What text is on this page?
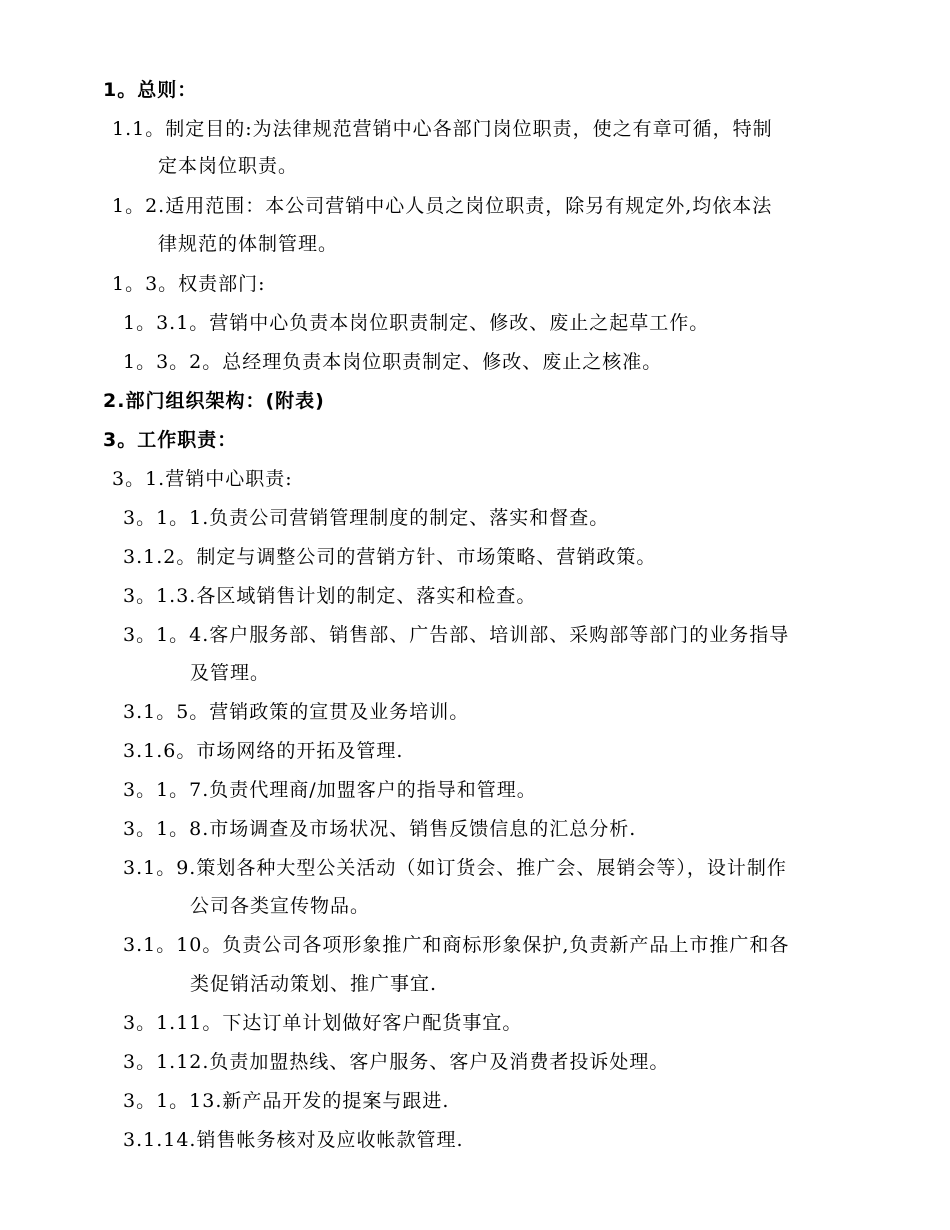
1。总则：
1.1。制定目的:为法律规范营销中心各部门岗位职责，使之有章可循，特制
定本岗位职责。
1。2.适用范围：本公司营销中心人员之岗位职责，除另有规定外,均依本法
律规范的体制管理。
1。3。权责部门:
1。3.1。营销中心负责本岗位职责制定、修改、废止之起草工作。
1。3。2。总经理负责本岗位职责制定、修改、废止之核准。
2.部门组织架构：(附表)
3。工作职责：
3。1.营销中心职责:
3。1。1.负责公司营销管理制度的制定、落实和督查。
3.1.2。制定与调整公司的营销方针、市场策略、营销政策。
3。1.3.各区域销售计划的制定、落实和检查。
3。1。4.客户服务部、销售部、广告部、培训部、采购部等部门的业务指导
及管理。
3.1。5。营销政策的宣贯及业务培训。
3.1.6。市场网络的开拓及管理.
3。1。7.负责代理商/加盟客户的指导和管理。
3。1。8.市场调查及市场状况、销售反馈信息的汇总分析.
3.1。9.策划各种大型公关活动（如订货会、推广会、展销会等），设计制作
公司各类宣传物品。
3.1。10。负责公司各项形象推广和商标形象保护,负责新产品上市推广和各
类促销活动策划、推广事宜.
3。1.11。下达订单计划做好客户配货事宜。
3。1.12.负责加盟热线、客户服务、客户及消费者投诉处理。
3。1。13.新产品开发的提案与跟进.
3.1.14.销售帐务核对及应收帐款管理.
